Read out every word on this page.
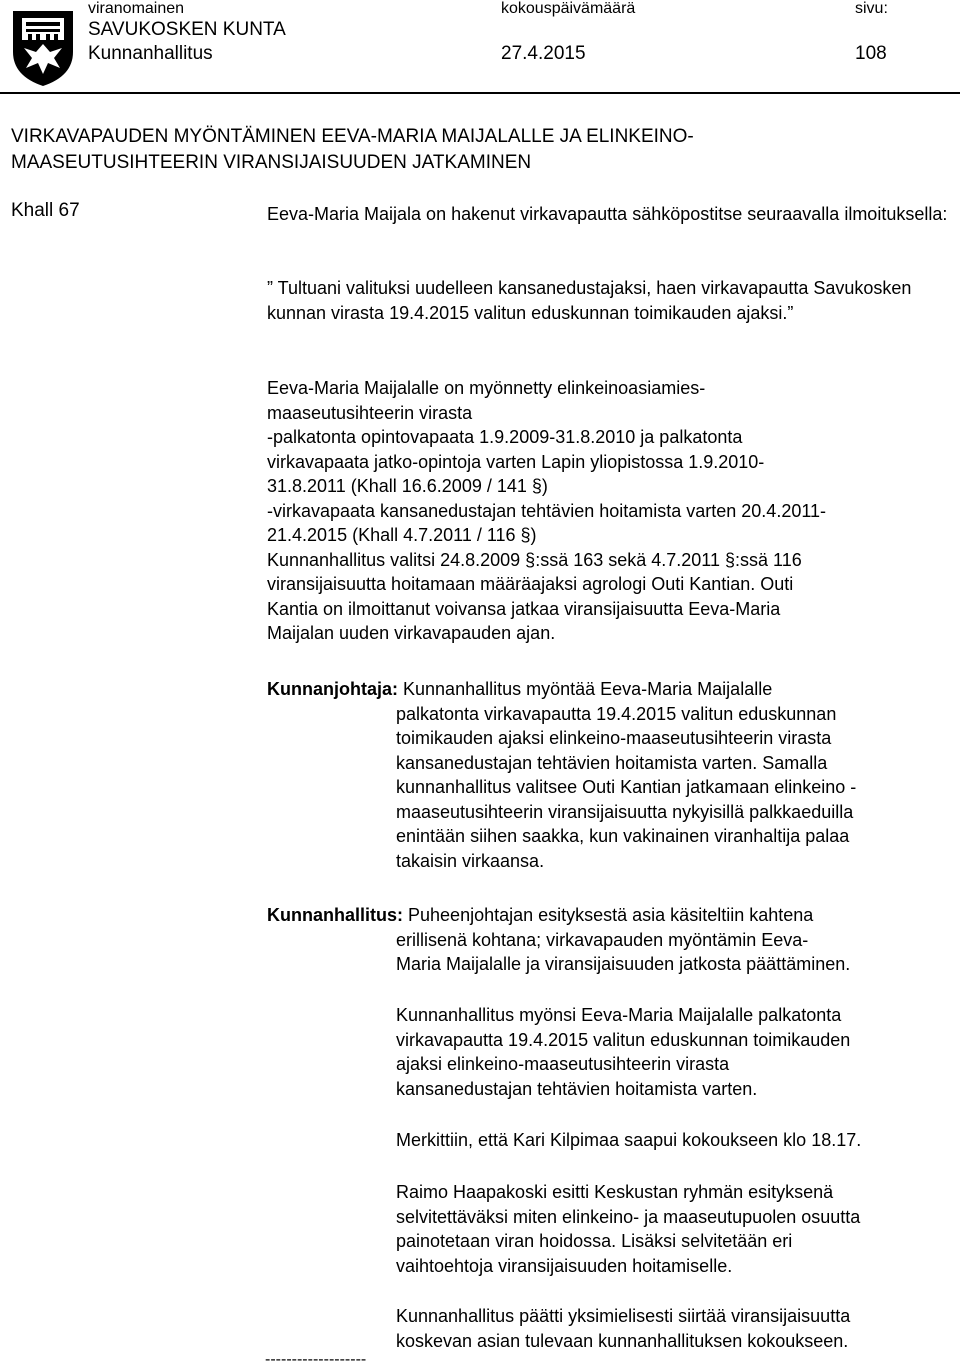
viranomainen	kokouspäivämäärä	sivu:
SAVUKOSKEN KUNTA
Kunnanhallitus	27.4.2015	108
VIRKAVAPAUDEN MYÖNTÄMINEN EEVA-MARIA MAIJALALLE JA ELINKEINO-
MAASEUTUSIHTEERIN VIRANSIJAISUUDEN JATKAMINEN
Khall 67	Eeva-Maria Maijala on hakenut virkavapautta sähköpostitse seuraavalla ilmoituksella:
” Tultuani valituksi uudelleen kansanedustajaksi, haen virkavapautta Savukosken kunnan virasta 19.4.2015 valitun eduskunnan toimikauden ajaksi.”

Eeva-Maria Maijalalle on myönnetty elinkeinoasiamies-

maaseutusihteerin virasta

-palkatonta opintovapaata 1.9.2009-31.8.2010 ja palkatonta

virkavapaata jatko-opintoja varten Lapin yliopistossa 1.9.2010-

31.8.2011 (Khall 16.6.2009 / 141 §)

-virkavapaata kansanedustajan tehtävien hoitamista varten 20.4.2011-

21.4.2015 (Khall 4.7.2011 / 116 §)

Kunnanhallitus valitsi 24.8.2009 §:ssä 163 sekä 4.7.2011 §:ssä 116

viransijaisuutta hoitamaan määräajaksi agrologi Outi Kantian. Outi

Kantia on ilmoittanut voivansa jatkaa viransijaisuutta Eeva-Maria

Maijalan uuden virkavapauden ajan.

Kunnanjohtaja: Kunnanhallitus myöntää Eeva-Maria Maijalalle

palkatonta virkavapautta 19.4.2015 valitun eduskunnan

toimikauden ajaksi elinkeino-maaseutusihteerin virasta

kansanedustajan tehtävien hoitamista varten. Samalla

kunnanhallitus valitsee Outi Kantian jatkamaan elinkeino -

maaseutusihteerin viransijaisuutta nykyisillä palkkaeduilla

enintään siihen saakka, kun vakinainen viranhaltija palaa

takaisin virkaansa.

Kunnanhallitus: Puheenjohtajan esityksestä asia käsiteltiin kahtena

erillisenä kohtana; virkavapauden myöntämin Eeva-

Maria Maijalalle ja viransijaisuuden jatkosta päättäminen.

Kunnanhallitus myönsi Eeva-Maria Maijalalle palkatonta

virkavapautta 19.4.2015 valitun eduskunnan toimikauden

ajaksi elinkeino-maaseutusihteerin virasta

kansanedustajan tehtävien hoitamista varten.

Merkittiin, että Kari Kilpimaa saapui kokoukseen klo 18.17.

Raimo Haapakoski esitti Keskustan ryhmän esityksenä

selvitettäväksi miten elinkeino- ja maaseutupuolen osuutta

painotetaan viran hoidossa. Lisäksi selvitetään eri

vaihtoehtoja viransijaisuuden hoitamiselle.

Kunnanhallitus päätti yksimielisesti siirtää viransijaisuutta

koskevan asian tulevaan kunnanhallituksen kokoukseen.

-------------------
